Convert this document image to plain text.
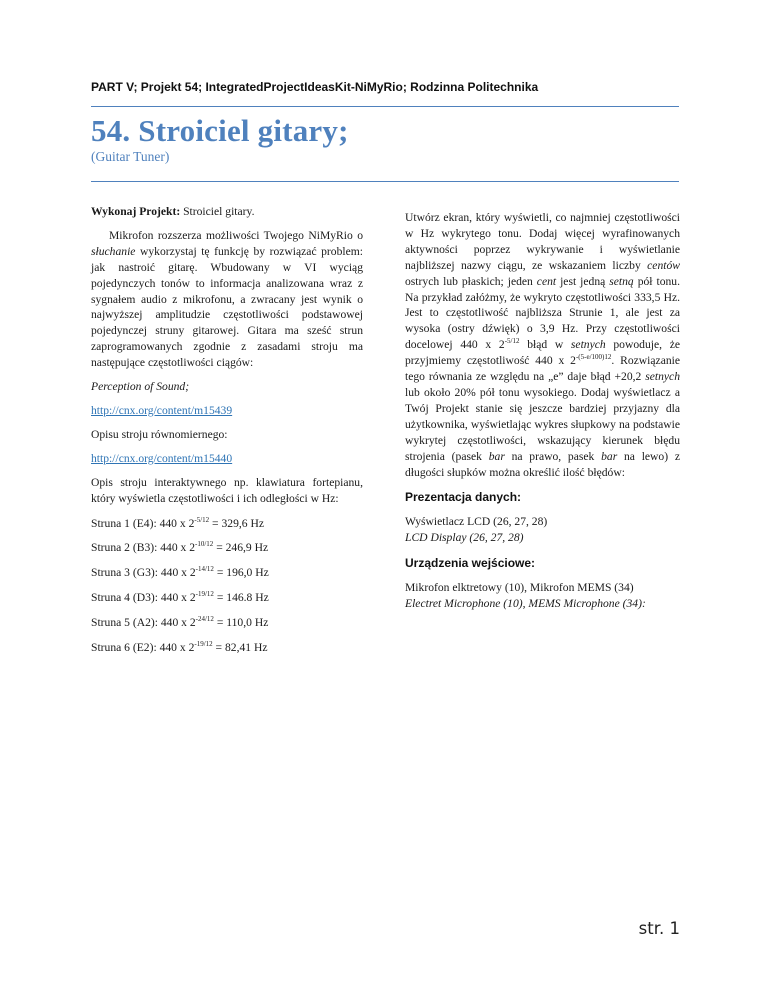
PART V; Projekt 54; IntegratedProjectIdeasKit-NiMyRio; Rodzinna Politechnika
54. Stroiciel gitary;
(Guitar Tuner)

Wykonaj Projekt: Stroiciel gitary.

Mikrofon rozszerza możliwości Twojego NiMyRio o słuchanie wykorzystaj tę funkcję by rozwiązać problem: jak nastroić gitarę. Wbudowany w VI wyciąg pojedynczych tonów to informacja analizowana wraz z sygnałem audio z mikrofonu, a zwracany jest wynik o najwyższej amplitudzie częstotliwości podstawowej pojedynczej struny gitarowej. Gitara ma sześć strun zaprogramowanych zgodnie z zasadami stroju ma następujące częstotliwości ciągów:

Perception of Sound;

http://cnx.org/content/m15439

Opisu stroju równomiernego:

http://cnx.org/content/m15440

Opis stroju interaktywnego np. klawiatura fortepianu, który wyświetla częstotliwości i ich odległości w Hz:

Struna 1 (E4): 440 x $2^{-5/12} = 329,6$ Hz

Struna 2 (B3): 440 x $2^{-10/12} = 246,9$ Hz

Struna 3 (G3): 440 x $2^{-14/12} = 196,0$ Hz

Struna 4 (D3): 440 x $2^{-19/12} = 146.8$ Hz

Struna 5 (A2): 440 x $2^{-24/12} = 110,0$ Hz

Struna 6 (E2): 440 x $2^{-19/12} = 82,41$ Hz

Utwórz ekran, który wyświetli, co najmniej częstotliwości w Hz wykrytego tonu. Dodaj więcej wyrafinowanych aktywności poprzez wykrywanie i wyświetlanie najbliższej nazwy ciągu, ze wskazaniem liczby centów ostrych lub płaskich; jeden cent jest jedną setną pół tonu. Na przykład załóżmy, że wykryto częstotliwości 333,5 Hz. Jest to częstotliwość najbliższa Strunie 1, ale jest za wysoka (ostry dźwięk) o 3,9 Hz. Przy częstotliwości docelowej 440 x $2^{-5/12}$ błąd w setnych powoduje, że przyjmiemy częstotliwość 440 x $2^{-(5-e/100)12}$. Rozwiązanie tego równania ze względu na „e” daje błąd +20,2 setnych lub około 20% pół tonu wysokiego. Dodaj wyświetlacz a Twój Projekt stanie się jeszcze bardziej przyjazny dla użytkownika, wyświetlając wykres słupkowy na podstawie wykrytej częstotliwości, wskazujący kierunek błędu strojenia (pasek bar na prawo, pasek bar na lewo) z długości słupków można określić ilość błędów:

Prezentacja danych:

Wyświetlacz LCD (26, 27, 28)

LCD Display (26, 27, 28)

Urządzenia wejściowe:

Mikrofon elktretowy (10), Mikrofon MEMS (34)

Electret Microphone (10), MEMS Microphone (34):

str. 1
